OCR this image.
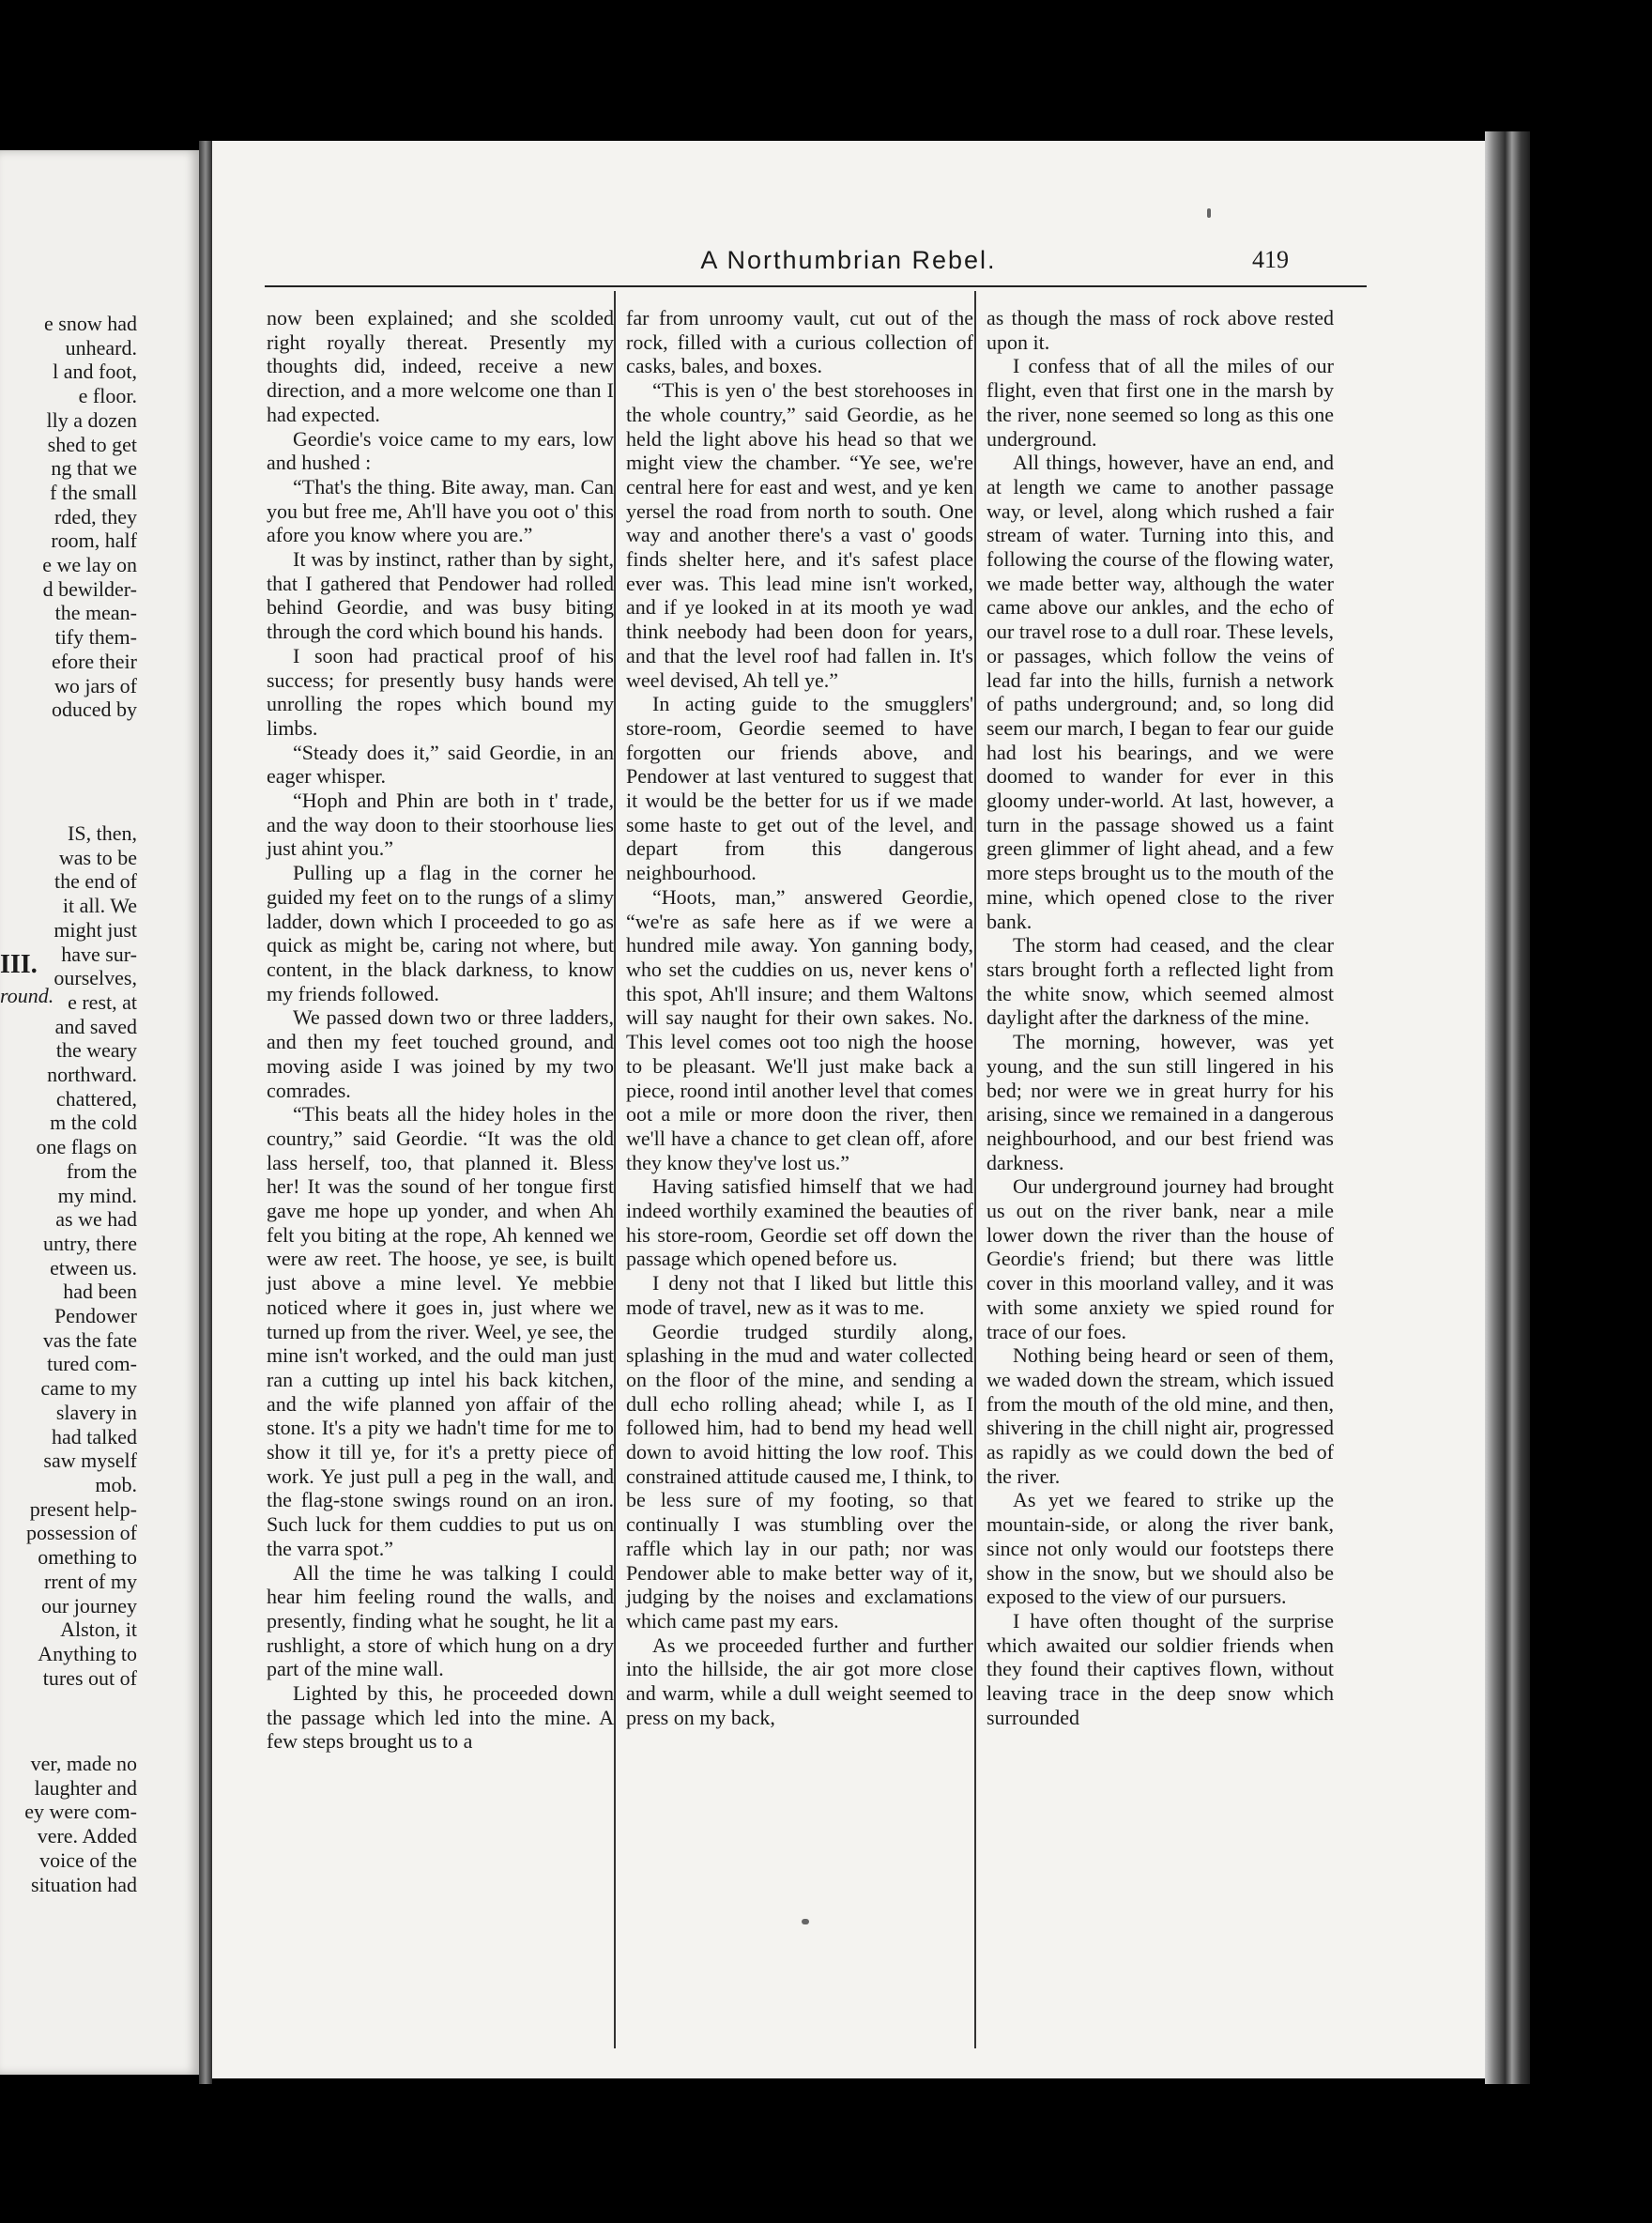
e snow had
unheard.
l and foot,
e floor.
lly a dozen
shed to get
ng that we
f the small
rded, they
room, half
e we lay on
d bewilder-
the mean-
tify them-
efore their
wo jars of
oduced by
III.
round.
IS, then,
was to be
the end of
it all. We
might just
have sur-
ourselves,
e rest, at
and saved
the weary
northward.
chattered,
m the cold
one flags on
from the
my mind.
as we had
untry, there
etween us.
had been
Pendower
vas the fate
tured com-
came to my
slavery in
had talked
saw myself
mob.
present help-
possession of
omething to
rrent of my
our journey
Alston, it
Anything to
tures out of
ver, made no
laughter and
ey were com-
vere. Added
voice of the
situation had
A Northumbrian Rebel.	419

now been explained; and she scolded right royally thereat. Presently my thoughts did, indeed, receive a new direction, and a more welcome one than I had expected.

Geordie's voice came to my ears, low and hushed :

“That's the thing. Bite away, man. Can you but free me, Ah'll have you oot o' this afore you know where you are.”

It was by instinct, rather than by sight, that I gathered that Pendower had rolled behind Geordie, and was busy biting through the cord which bound his hands.

I soon had practical proof of his success; for presently busy hands were unrolling the ropes which bound my limbs.

“Steady does it,” said Geordie, in an eager whisper.

“Hoph and Phin are both in t' trade, and the way doon to their stoorhouse lies just ahint you.”

Pulling up a flag in the corner he guided my feet on to the rungs of a slimy ladder, down which I proceeded to go as quick as might be, caring not where, but content, in the black darkness, to know my friends followed.

We passed down two or three ladders, and then my feet touched ground, and moving aside I was joined by my two comrades.

“This beats all the hidey holes in the country,” said Geordie. “It was the old lass herself, too, that planned it. Bless her! It was the sound of her tongue first gave me hope up yonder, and when Ah felt you biting at the rope, Ah kenned we were aw reet. The hoose, ye see, is built just above a mine level. Ye mebbie noticed where it goes in, just where we turned up from the river. Weel, ye see, the mine isn't worked, and the ould man just ran a cutting up intel his back kitchen, and the wife planned yon affair of the stone. It's a pity we hadn't time for me to show it till ye, for it's a pretty piece of work. Ye just pull a peg in the wall, and the flag-stone swings round on an iron. Such luck for them cuddies to put us on the varra spot.”

All the time he was talking I could hear him feeling round the walls, and presently, finding what he sought, he lit a rushlight, a store of which hung on a dry part of the mine wall.

Lighted by this, he proceeded down the passage which led into the mine. A few steps brought us to a

far from unroomy vault, cut out of the rock, filled with a curious collection of casks, bales, and boxes.

“This is yen o' the best storehooses in the whole country,” said Geordie, as he held the light above his head so that we might view the chamber. “Ye see, we're central here for east and west, and ye ken yersel the road from north to south. One way and another there's a vast o' goods finds shelter here, and it's safest place ever was. This lead mine isn't worked, and if ye looked in at its mooth ye wad think neebody had been doon for years, and that the level roof had fallen in. It's weel devised, Ah tell ye.”

In acting guide to the smugglers' store-room, Geordie seemed to have forgotten our friends above, and Pendower at last ventured to suggest that it would be the better for us if we made some haste to get out of the level, and depart from this dangerous neighbourhood.

“Hoots, man,” answered Geordie, “we're as safe here as if we were a hundred mile away. Yon ganning body, who set the cuddies on us, never kens o' this spot, Ah'll insure; and them Waltons will say naught for their own sakes. No. This level comes oot too nigh the hoose to be pleasant. We'll just make back a piece, roond intil another level that comes oot a mile or more doon the river, then we'll have a chance to get clean off, afore they know they've lost us.”

Having satisfied himself that we had indeed worthily examined the beauties of his store-room, Geordie set off down the passage which opened before us.

I deny not that I liked but little this mode of travel, new as it was to me.

Geordie trudged sturdily along, splashing in the mud and water collected on the floor of the mine, and sending a dull echo rolling ahead; while I, as I followed him, had to bend my head well down to avoid hitting the low roof. This constrained attitude caused me, I think, to be less sure of my footing, so that continually I was stumbling over the raffle which lay in our path; nor was Pendower able to make better way of it, judging by the noises and exclamations which came past my ears.

As we proceeded further and further into the hillside, the air got more close and warm, while a dull weight seemed to press on my back,

as though the mass of rock above rested upon it.

I confess that of all the miles of our flight, even that first one in the marsh by the river, none seemed so long as this one underground.

All things, however, have an end, and at length we came to another passage way, or level, along which rushed a fair stream of water. Turning into this, and following the course of the flowing water, we made better way, although the water came above our ankles, and the echo of our travel rose to a dull roar. These levels, or passages, which follow the veins of lead far into the hills, furnish a network of paths underground; and, so long did seem our march, I began to fear our guide had lost his bearings, and we were doomed to wander for ever in this gloomy under-world. At last, however, a turn in the passage showed us a faint green glimmer of light ahead, and a few more steps brought us to the mouth of the mine, which opened close to the river bank.

The storm had ceased, and the clear stars brought forth a reflected light from the white snow, which seemed almost daylight after the darkness of the mine.

The morning, however, was yet young, and the sun still lingered in his bed; nor were we in great hurry for his arising, since we remained in a dangerous neighbourhood, and our best friend was darkness.

Our underground journey had brought us out on the river bank, near a mile lower down the river than the house of Geordie's friend; but there was little cover in this moorland valley, and it was with some anxiety we spied round for trace of our foes.

Nothing being heard or seen of them, we waded down the stream, which issued from the mouth of the old mine, and then, shivering in the chill night air, progressed as rapidly as we could down the bed of the river.

As yet we feared to strike up the mountain-side, or along the river bank, since not only would our footsteps there show in the snow, but we should also be exposed to the view of our pursuers.

I have often thought of the surprise which awaited our soldier friends when they found their captives flown, without leaving trace in the deep snow which surrounded
